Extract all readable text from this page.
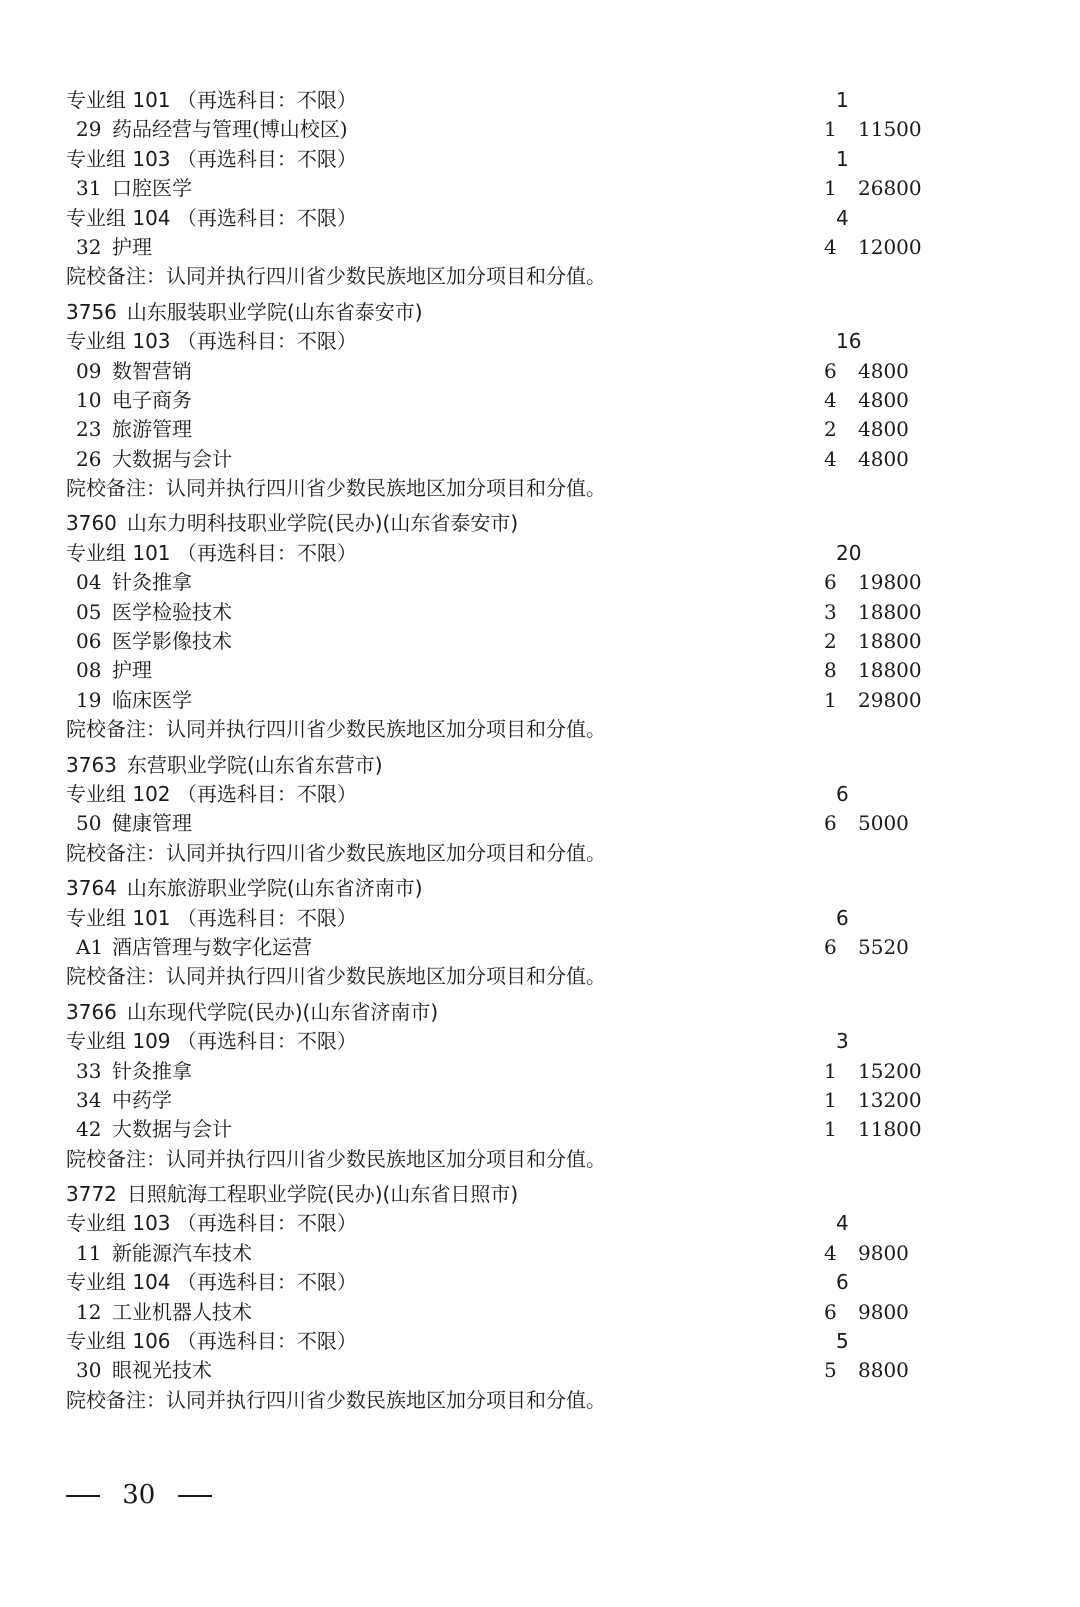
专业组 101 （再选科目：不限）	1
29 药品经营与管理(博山校区)	1 11500
专业组 103 （再选科目：不限）	1
31 口腔医学	1 26800
专业组 104 （再选科目：不限）	4
32 护理	4 12000
院校备注：认同并执行四川省少数民族地区加分项目和分值。
3756 山东服装职业学院(山东省泰安市)
专业组 103 （再选科目：不限）	16
09 数智营销	6 4800
10 电子商务	4 4800
23 旅游管理	2 4800
26 大数据与会计	4 4800
院校备注：认同并执行四川省少数民族地区加分项目和分值。
3760 山东力明科技职业学院(民办)(山东省泰安市)
专业组 101 （再选科目：不限）	20
04 针灸推拿	6 19800
05 医学检验技术	3 18800
06 医学影像技术	2 18800
08 护理	8 18800
19 临床医学	1 29800
院校备注：认同并执行四川省少数民族地区加分项目和分值。
3763 东营职业学院(山东省东营市)
专业组 102 （再选科目：不限）	6
50 健康管理	6 5000
院校备注：认同并执行四川省少数民族地区加分项目和分值。
3764 山东旅游职业学院(山东省济南市)
专业组 101 （再选科目：不限）	6
A1 酒店管理与数字化运营	6 5520
院校备注：认同并执行四川省少数民族地区加分项目和分值。
3766 山东现代学院(民办)(山东省济南市)
专业组 109 （再选科目：不限）	3
33 针灸推拿	1 15200
34 中药学	1 13200
42 大数据与会计	1 11800
院校备注：认同并执行四川省少数民族地区加分项目和分值。
3772 日照航海工程职业学院(民办)(山东省日照市)
专业组 103 （再选科目：不限）	4
11 新能源汽车技术	4 9800
专业组 104 （再选科目：不限）	6
12 工业机器人技术	6 9800
专业组 106 （再选科目：不限）	5
30 眼视光技术	5 8800
院校备注：认同并执行四川省少数民族地区加分项目和分值。
30
